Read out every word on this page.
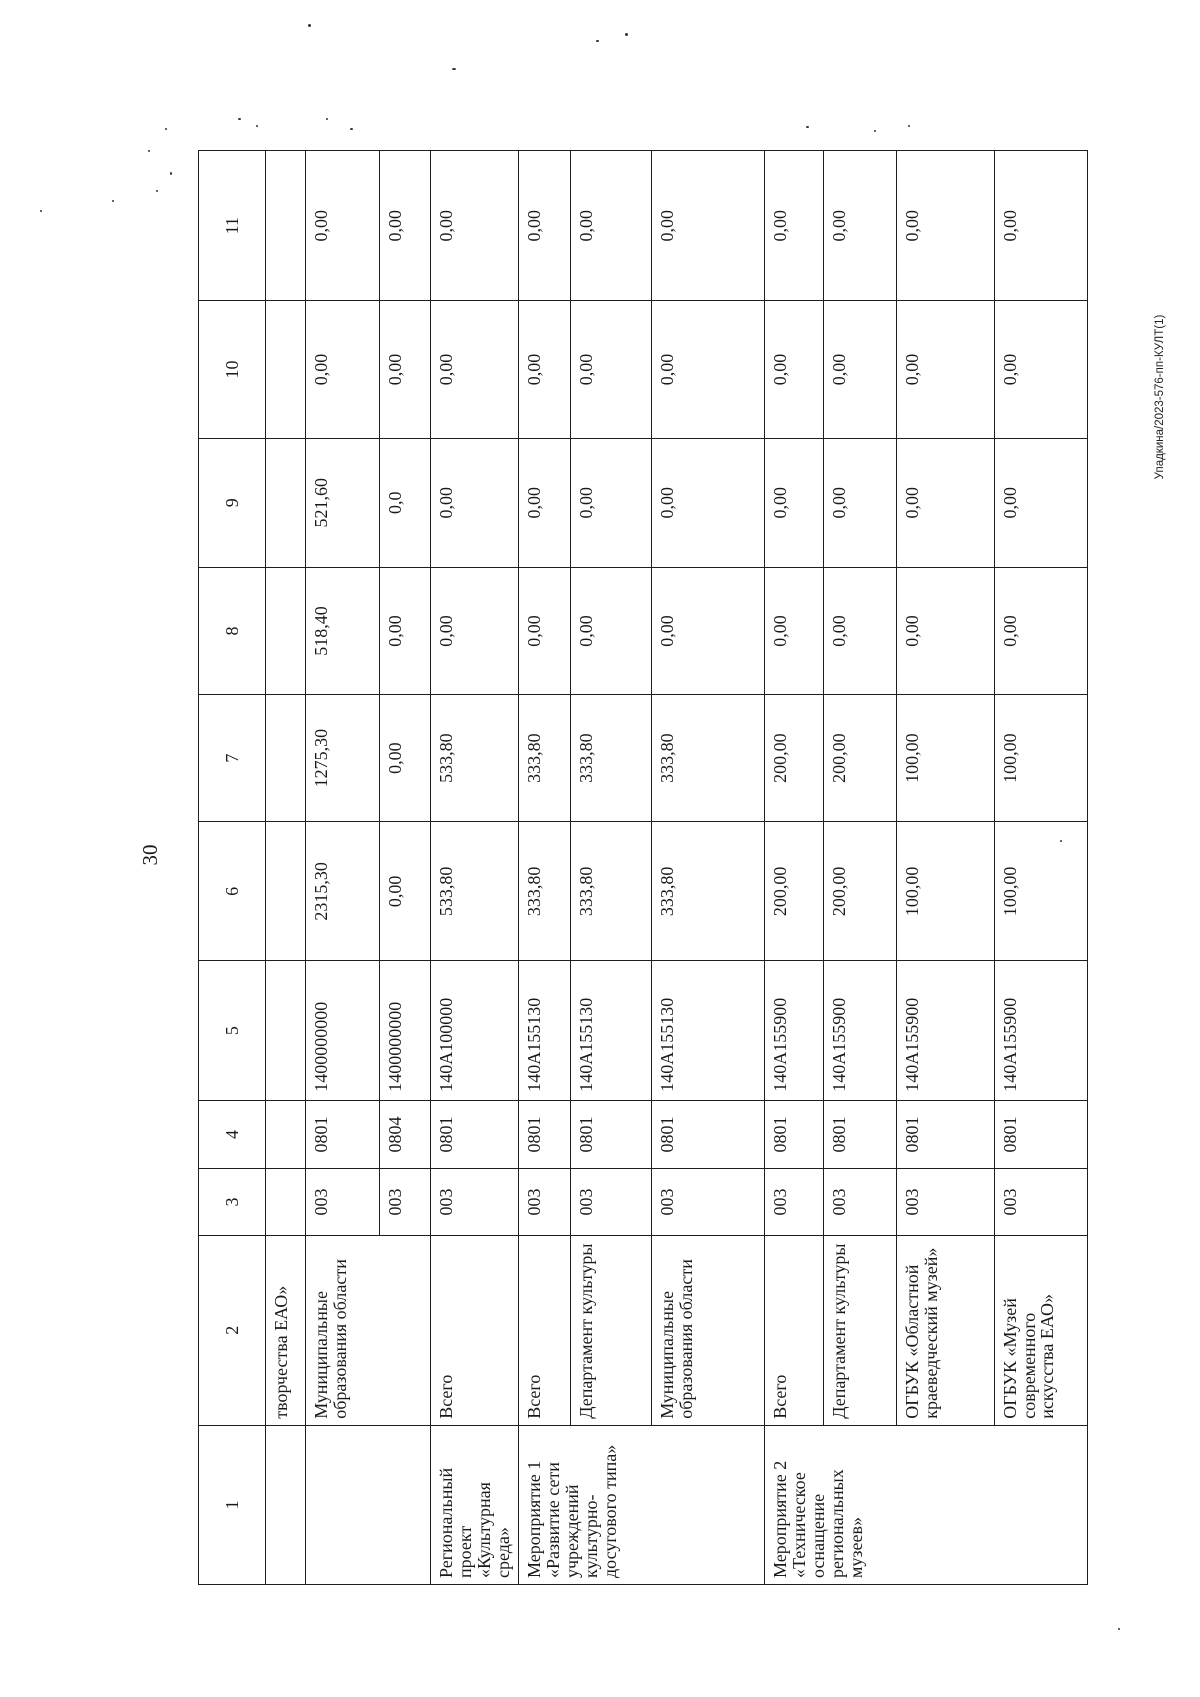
30
Упадкина/2023-576-пп-КУЛТ(1)
1	2	3	4	5	6	7	8	9	10	11
	творчества ЕАО»									
	Муниципальные образования области	003	0801	1400000000	2315,30	1275,30	518,40	521,60	0,00	0,00
		003	0804	1400000000	0,00	0,00	0,00	0,0	0,00	0,00
Региональный проект «Культурная среда»	Всего	003	0801	140А100000	533,80	533,80	0,00	0,00	0,00	0,00
Мероприятие 1 «Развитие сети учреждений культурно-досугового типа»	Всего	003	0801	140А155130	333,80	333,80	0,00	0,00	0,00	0,00
	Департамент культуры	003	0801	140А155130	333,80	333,80	0,00	0,00	0,00	0,00
	Муниципальные образования области	003	0801	140А155130	333,80	333,80	0,00	0,00	0,00	0,00
Мероприятие 2 «Техническое оснащение региональных музеев»	Всего	003	0801	140А155900	200,00	200,00	0,00	0,00	0,00	0,00
	Департамент культуры	003	0801	140А155900	200,00	200,00	0,00	0,00	0,00	0,00
	ОГБУК «Областной краеведческий музей»	003	0801	140А155900	100,00	100,00	0,00	0,00	0,00	0,00
	ОГБУК «Музей современного искусства ЕАО»	003	0801	140А155900	100,00	100,00	0,00	0,00	0,00	0,00
